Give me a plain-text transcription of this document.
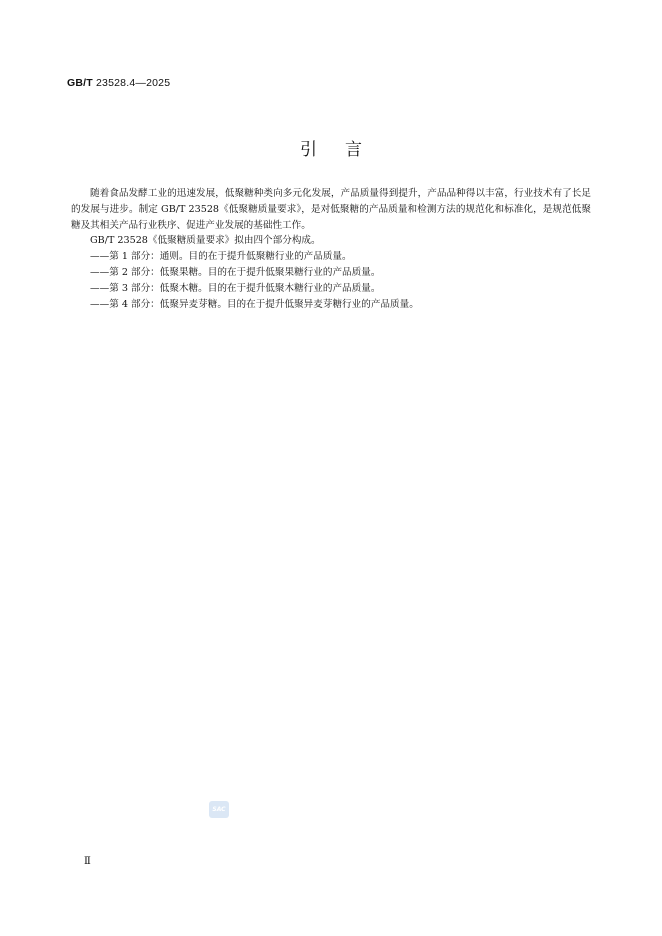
GB/T 23528.4—2025
引言

随着食品发酵工业的迅速发展，低聚糖种类向多元化发展，产品质量得到提升，产品品种得以丰富，行业技术有了长足的发展与进步。制定 GB/T 23528《低聚糖质量要求》，是对低聚糖的产品质量和检测方法的规范化和标准化，是规范低聚糖及其相关产品行业秩序、促进产业发展的基础性工作。

GB/T 23528《低聚糖质量要求》拟由四个部分构成。

——第 1 部分：通则。目的在于提升低聚糖行业的产品质量。

——第 2 部分：低聚果糖。目的在于提升低聚果糖行业的产品质量。

——第 3 部分：低聚木糖。目的在于提升低聚木糖行业的产品质量。

——第 4 部分：低聚异麦芽糖。目的在于提升低聚异麦芽糖行业的产品质量。

SAC
Ⅱ
